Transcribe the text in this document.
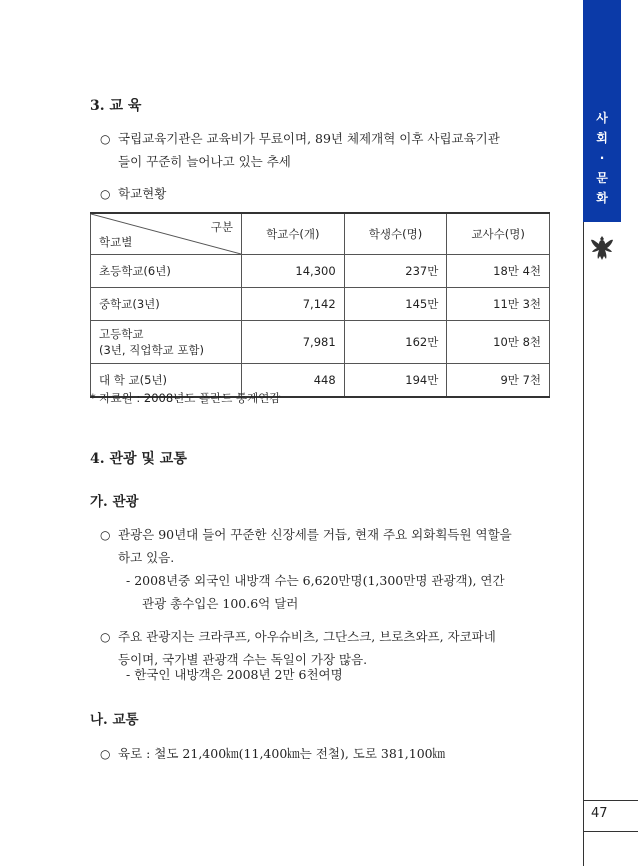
사
회
·
문
화
47
3. 교 육
○ 국립교육기관은 교육비가 무료이며, 89년 체제개혁 이후 사립교육기관
들이 꾸준히 늘어나고 있는 추세
○ 학교현황
구분
학교별	학교수(개)	학생수(명)	교사수(명)
초등학교(6년)	14,300	237만	18만 4천
중학교(3년)	7,142	145만	11만 3천

고등학교
(3년, 직업학교 포함)	7,981	162만	10만 8천
대 학 교(5년)	448	194만	9만 7천
* 자료원 : 2008년도 폴란드 통계연감
4. 관광 및 교통
가. 관광
○ 관광은 90년대 들어 꾸준한 신장세를 거듭, 현재 주요 외화획득원 역할을
하고 있음.
- 2008년중 외국인 내방객 수는 6,620만명(1,300만명 관광객), 연간
관광 총수입은 100.6억 달러
○ 주요 관광지는 크라쿠프, 아우슈비츠, 그단스크, 브로츠와프, 자코파네
등이며, 국가별 관광객 수는 독일이 가장 많음.
- 한국인 내방객은 2008년 2만 6천여명
나. 교통
○ 육로 : 철도 21,400㎞(11,400㎞는 전철), 도로 381,100㎞
